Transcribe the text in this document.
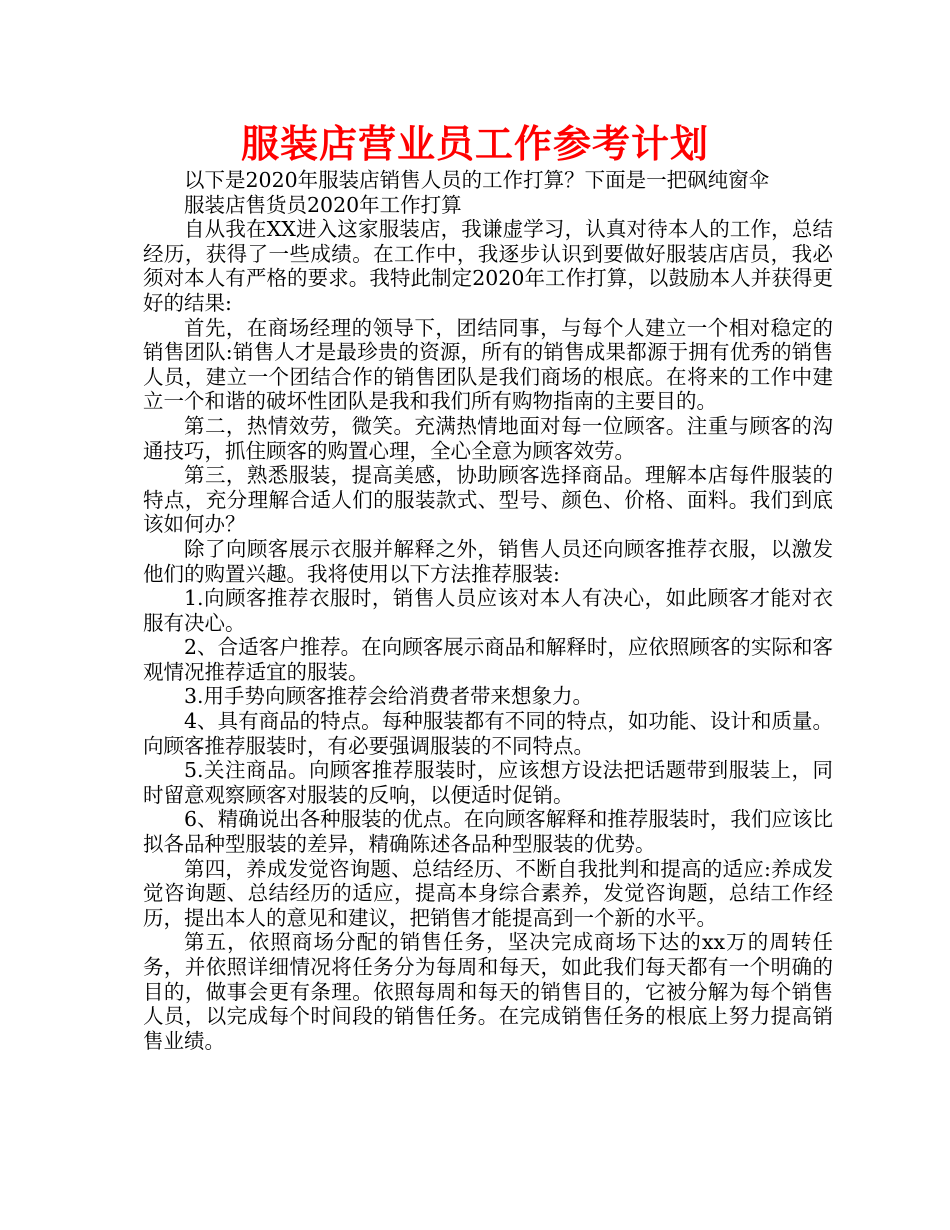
服装店营业员工作参考计划

以下是2020年服装店销售人员的工作打算？下面是一把砜纯窗伞

服装店售货员2020年工作打算

自从我在XX进入这家服装店，我谦虚学习，认真对待本人的工作，总结经历，获得了一些成绩。在工作中，我逐步认识到要做好服装店店员，我必须对本人有严格的要求。我特此制定2020年工作打算，以鼓励本人并获得更好的结果:

首先，在商场经理的领导下，团结同事，与每个人建立一个相对稳定的销售团队:销售人才是最珍贵的资源，所有的销售成果都源于拥有优秀的销售人员，建立一个团结合作的销售团队是我们商场的根底。在将来的工作中建立一个和谐的破坏性团队是我和我们所有购物指南的主要目的。

第二，热情效劳，微笑。充满热情地面对每一位顾客。注重与顾客的沟通技巧，抓住顾客的购置心理，全心全意为顾客效劳。

第三，熟悉服装，提高美感，协助顾客选择商品。理解本店每件服装的特点，充分理解合适人们的服装款式、型号、颜色、价格、面料。我们到底该如何办？

除了向顾客展示衣服并解释之外，销售人员还向顾客推荐衣服，以激发他们的购置兴趣。我将使用以下方法推荐服装:

1.向顾客推荐衣服时，销售人员应该对本人有决心，如此顾客才能对衣服有决心。

2、合适客户推荐。在向顾客展示商品和解释时，应依照顾客的实际和客观情况推荐适宜的服装。

3.用手势向顾客推荐会给消费者带来想象力。

4、具有商品的特点。每种服装都有不同的特点，如功能、设计和质量。向顾客推荐服装时，有必要强调服装的不同特点。

5.关注商品。向顾客推荐服装时，应该想方设法把话题带到服装上，同时留意观察顾客对服装的反响，以便适时促销。

6、精确说出各种服装的优点。在向顾客解释和推荐服装时，我们应该比拟各品种型服装的差异，精确陈述各品种型服装的优势。

第四，养成发觉咨询题、总结经历、不断自我批判和提高的适应:养成发觉咨询题、总结经历的适应，提高本身综合素养，发觉咨询题，总结工作经历，提出本人的意见和建议，把销售才能提高到一个新的水平。

第五，依照商场分配的销售任务，坚决完成商场下达的xx万的周转任务，并依照详细情况将任务分为每周和每天，如此我们每天都有一个明确的目的，做事会更有条理。依照每周和每天的销售目的，它被分解为每个销售人员，以完成每个时间段的销售任务。在完成销售任务的根底上努力提高销售业绩。
